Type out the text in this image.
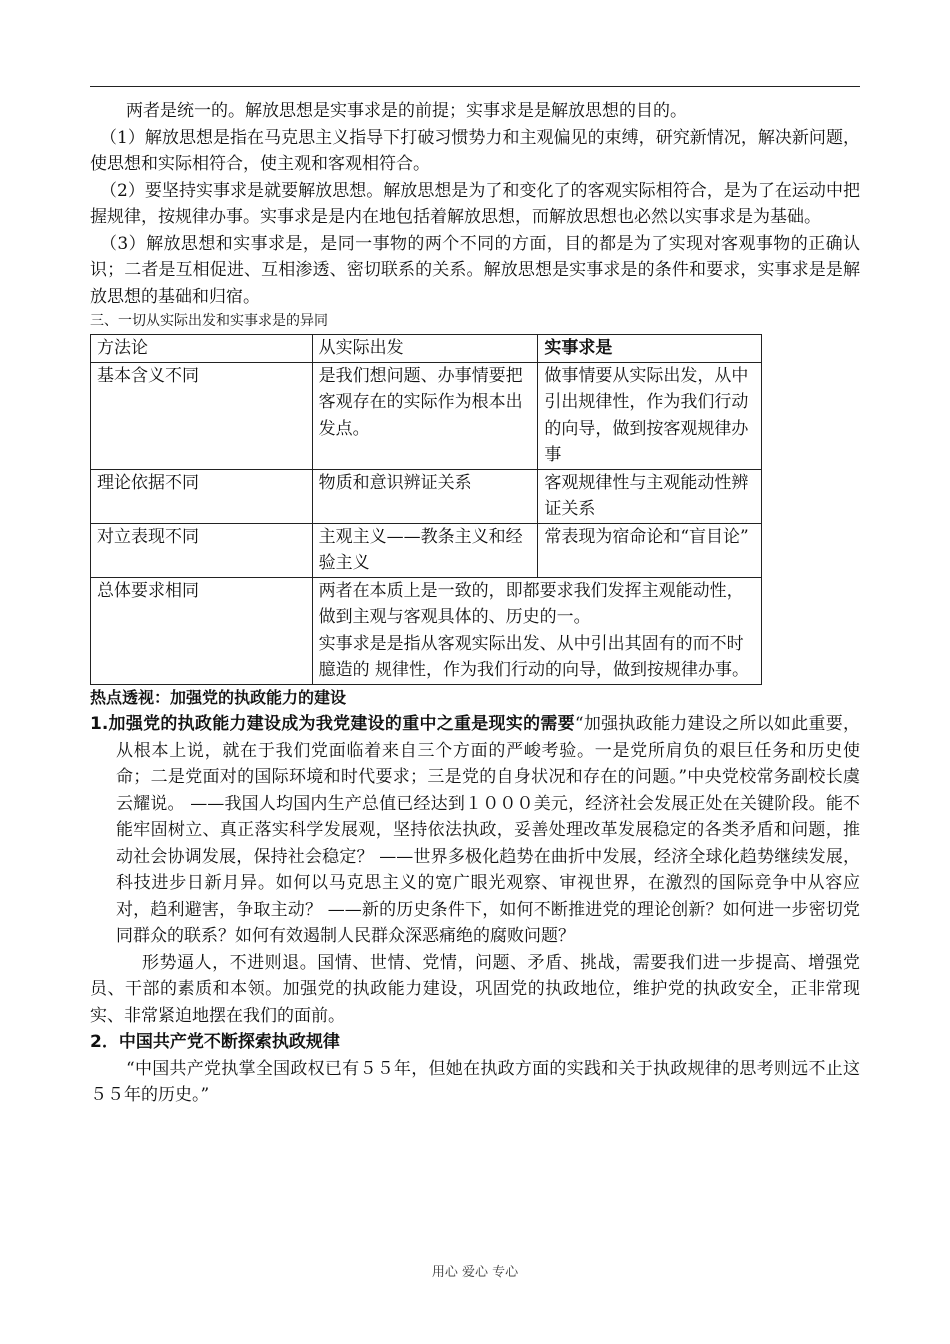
两者是统一的。解放思想是实事求是的前提；实事求是是解放思想的目的。

（1）解放思想是指在马克思主义指导下打破习惯势力和主观偏见的束缚，研究新情况，解决新问题，使思想和实际相符合，使主观和客观相符合。

（2）要坚持实事求是就要解放思想。解放思想是为了和变化了的客观实际相符合，是为了在运动中把握规律，按规律办事。实事求是是内在地包括着解放思想，而解放思想也必然以实事求是为基础。

（3）解放思想和实事求是，是同一事物的两个不同的方面，目的都是为了实现对客观事物的正确认识；二者是互相促进、互相渗透、密切联系的关系。解放思想是实事求是的条件和要求，实事求是是解放思想的基础和归宿。

三、一切从实际出发和实事求是的异同

方法论	从实际出发	实事求是
基本含义不同	是我们想问题、办事情要把客观存在的实际作为根本出发点。	做事情要从实际出发，从中引出规律性，作为我们行动的向导，做到按客观规律办事
理论依据不同	物质和意识辨证关系	客观规律性与主观能动性辨证关系
对立表现不同	主观主义——教条主义和经验主义	常表现为宿命论和“盲目论”
总体要求相同	两者在本质上是一致的，即都要求我们发挥主观能动性，做到主观与客观具体的、历史的一。
实事求是是指从客观实际出发、从中引出其固有的而不时臆造的 规律性，作为我们行动的向导，做到按规律办事。	

热点透视：加强党的执政能力的建设

1.加强党的执政能力建设成为我党建设的重中之重是现实的需要“加强执政能力建设之所以如此重要，从根本上说，就在于我们党面临着来自三个方面的严峻考验。一是党所肩负的艰巨任务和历史使命；二是党面对的国际环境和时代要求；三是党的自身状况和存在的问题。”中央党校常务副校长虞云耀说。 ——我国人均国内生产总值已经达到１０００美元，经济社会发展正处在关键阶段。能不能牢固树立、真正落实科学发展观，坚持依法执政，妥善处理改革发展稳定的各类矛盾和问题，推动社会协调发展，保持社会稳定？ ——世界多极化趋势在曲折中发展，经济全球化趋势继续发展，科技进步日新月异。如何以马克思主义的宽广眼光观察、审视世界，在激烈的国际竞争中从容应对，趋利避害，争取主动？ ——新的历史条件下，如何不断推进党的理论创新？如何进一步密切党同群众的联系？如何有效遏制人民群众深恶痛绝的腐败问题？

形势逼人，不进则退。国情、世情、党情，问题、矛盾、挑战，需要我们进一步提高、增强党员、干部的素质和本领。加强党的执政能力建设，巩固党的执政地位，维护党的执政安全，正非常现实、非常紧迫地摆在我们的面前。

2．中国共产党不断探索执政规律

“中国共产党执掌全国政权已有５５年，但她在执政方面的实践和关于执政规律的思考则远不止这５５年的历史。”

用心 爱心 专心
